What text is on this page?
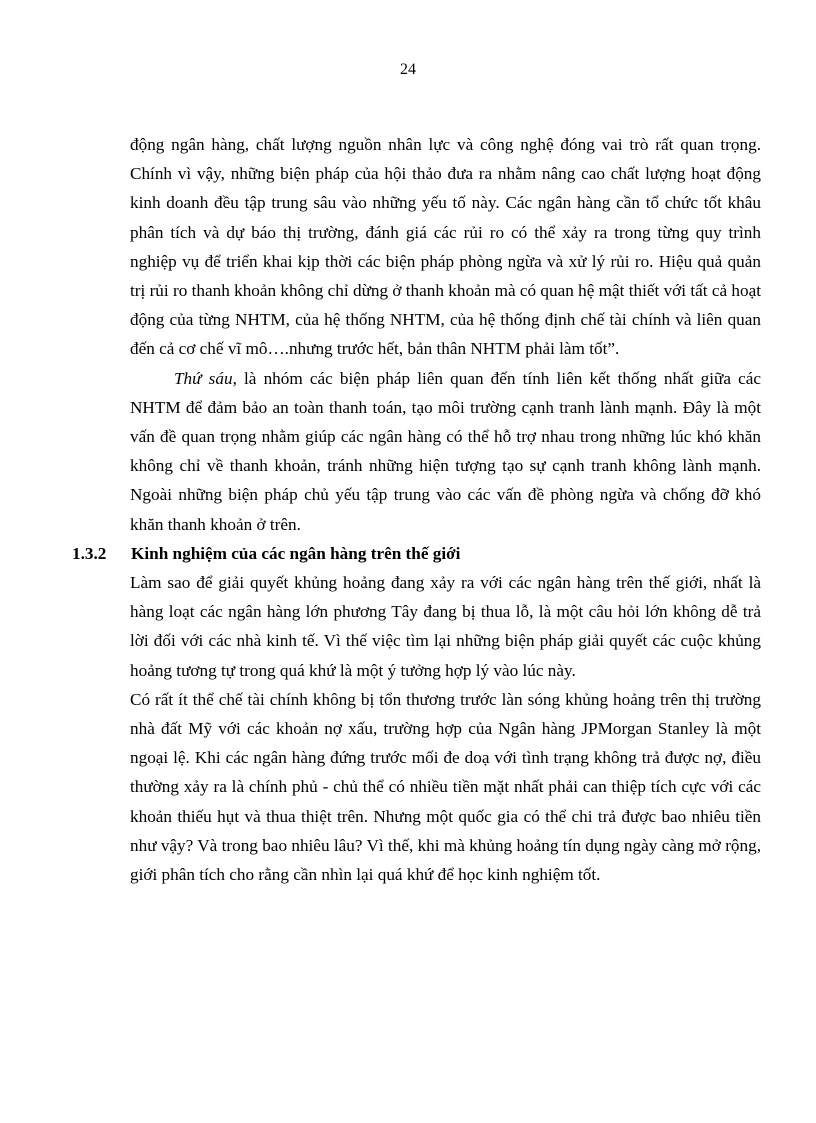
24

động ngân hàng, chất lượng nguồn nhân lực và công nghệ đóng vai trò rất quan trọng. Chính vì vậy, những biện pháp của hội thảo đưa ra nhằm nâng cao chất lượng hoạt động kinh doanh đều tập trung sâu vào những yếu tố này. Các ngân hàng cần tổ chức tốt khâu phân tích và dự báo thị trường, đánh giá các rủi ro có thể xảy ra trong từng quy trình nghiệp vụ để triển khai kịp thời các biện pháp phòng ngừa và xử lý rủi ro. Hiệu quả quản trị rủi ro thanh khoản không chỉ dừng ở thanh khoản mà có quan hệ mật thiết với tất cả hoạt động của từng NHTM, của hệ thống NHTM, của hệ thống định chế tài chính và liên quan đến cả cơ chế vĩ mô….nhưng trước hết, bản thân NHTM phải làm tốt”.

Thứ sáu, là nhóm các biện pháp liên quan đến tính liên kết thống nhất giữa các NHTM để đảm bảo an toàn thanh toán, tạo môi trường cạnh tranh lành mạnh. Đây là một vấn đề quan trọng nhằm giúp các ngân hàng có thể hỗ trợ nhau trong những lúc khó khăn không chỉ về thanh khoản, tránh những hiện tượng tạo sự cạnh tranh không lành mạnh. Ngoài những biện pháp chủ yếu tập trung vào các vấn đề phòng ngừa và chống đỡ khó khăn thanh khoản ở trên.

1.3.2 Kinh nghiệm của các ngân hàng trên thế giới

Làm sao để giải quyết khủng hoảng đang xảy ra với các ngân hàng trên thế giới, nhất là hàng loạt các ngân hàng lớn phương Tây đang bị thua lỗ, là một câu hỏi lớn không dễ trả lời đối với các nhà kinh tế. Vì thế việc tìm lại những biện pháp giải quyết các cuộc khủng hoảng tương tự trong quá khứ là một ý tưởng hợp lý vào lúc này.

Có rất ít thể chế tài chính không bị tổn thương trước làn sóng khủng hoảng trên thị trường nhà đất Mỹ với các khoản nợ xấu, trường hợp của Ngân hàng JPMorgan Stanley là một ngoại lệ. Khi các ngân hàng đứng trước mối đe doạ với tình trạng không trả được nợ, điều thường xảy ra là chính phủ - chủ thể có nhiều tiền mặt nhất phải can thiệp tích cực với các khoản thiếu hụt và thua thiệt trên. Nhưng một quốc gia có thể chi trả được bao nhiêu tiền như vậy? Và trong bao nhiêu lâu? Vì thế, khi mà khủng hoảng tín dụng ngày càng mở rộng, giới phân tích cho rằng cần nhìn lại quá khứ để học kinh nghiệm tốt.
